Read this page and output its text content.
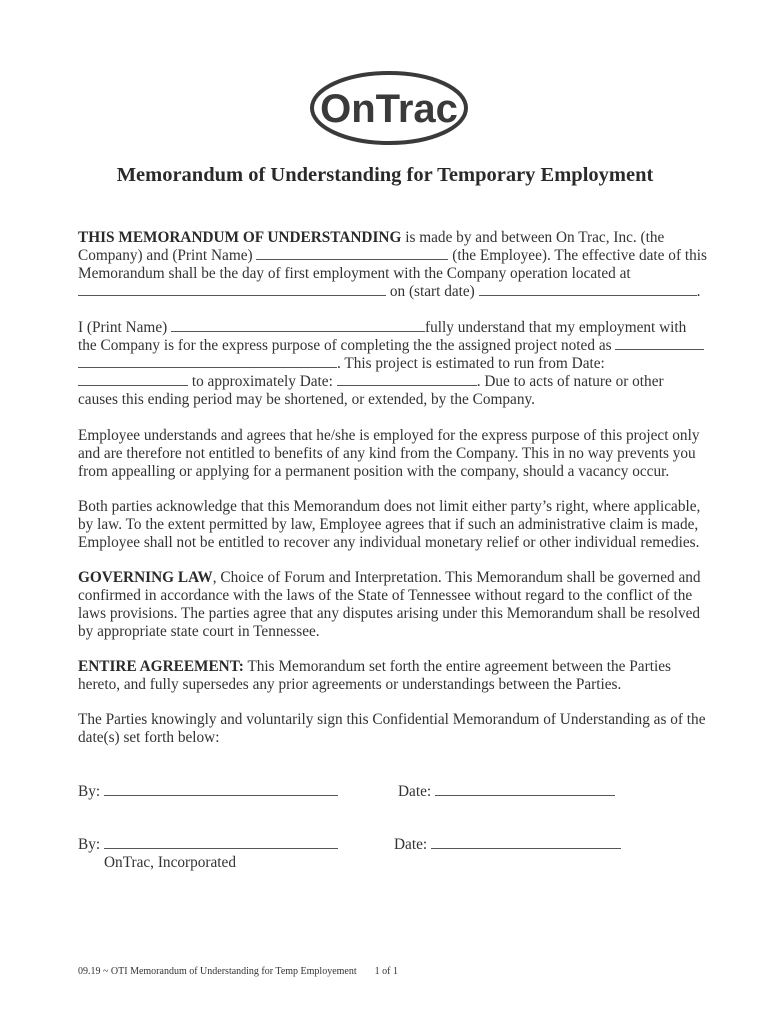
OnTrac
Memorandum of Understanding for Temporary Employment
THIS MEMORANDUM OF UNDERSTANDING is made by and between On Trac, Inc. (the
Company) and (Print Name)	(the Employee). The effective date of this
Memorandum shall be the day of first employment with the Company operation located at
on (start date)	.
I (Print Name)	fully understand that my employment with
the Company is for the express purpose of completing the the assigned project noted as
. This project is estimated to run from Date:
to approximately Date:	. Due to acts of nature or other
causes this ending period may be shortened, or extended, by the Company.
Employee understands and agrees that he/she is employed for the express purpose of this project only
and are therefore not entitled to benefits of any kind from the Company. This in no way prevents you
from appealling or applying for a permanent position with the company, should a vacancy occur.
Both parties acknowledge that this Memorandum does not limit either party’s right, where applicable,
by law. To the extent permitted by law, Employee agrees that if such an administrative claim is made,
Employee shall not be entitled to recover any individual monetary relief or other individual remedies.
GOVERNING LAW, Choice of Forum and Interpretation. This Memorandum shall be governed and
confirmed in accordance with the laws of the State of Tennessee without regard to the conflict of the
laws provisions. The parties agree that any disputes arising under this Memorandum shall be resolved
by appropriate state court in Tennessee.
ENTIRE AGREEMENT: This Memorandum set forth the entire agreement between the Parties
hereto, and fully supersedes any prior agreements or understandings between the Parties.
The Parties knowingly and voluntarily sign this Confidential Memorandum of Understanding as of the
date(s) set forth below:
By:	Date:
By:	Date:
OnTrac, Incorporated
09.19 ~ OTI Memorandum of Understanding for Temp Employement 1 of 1
